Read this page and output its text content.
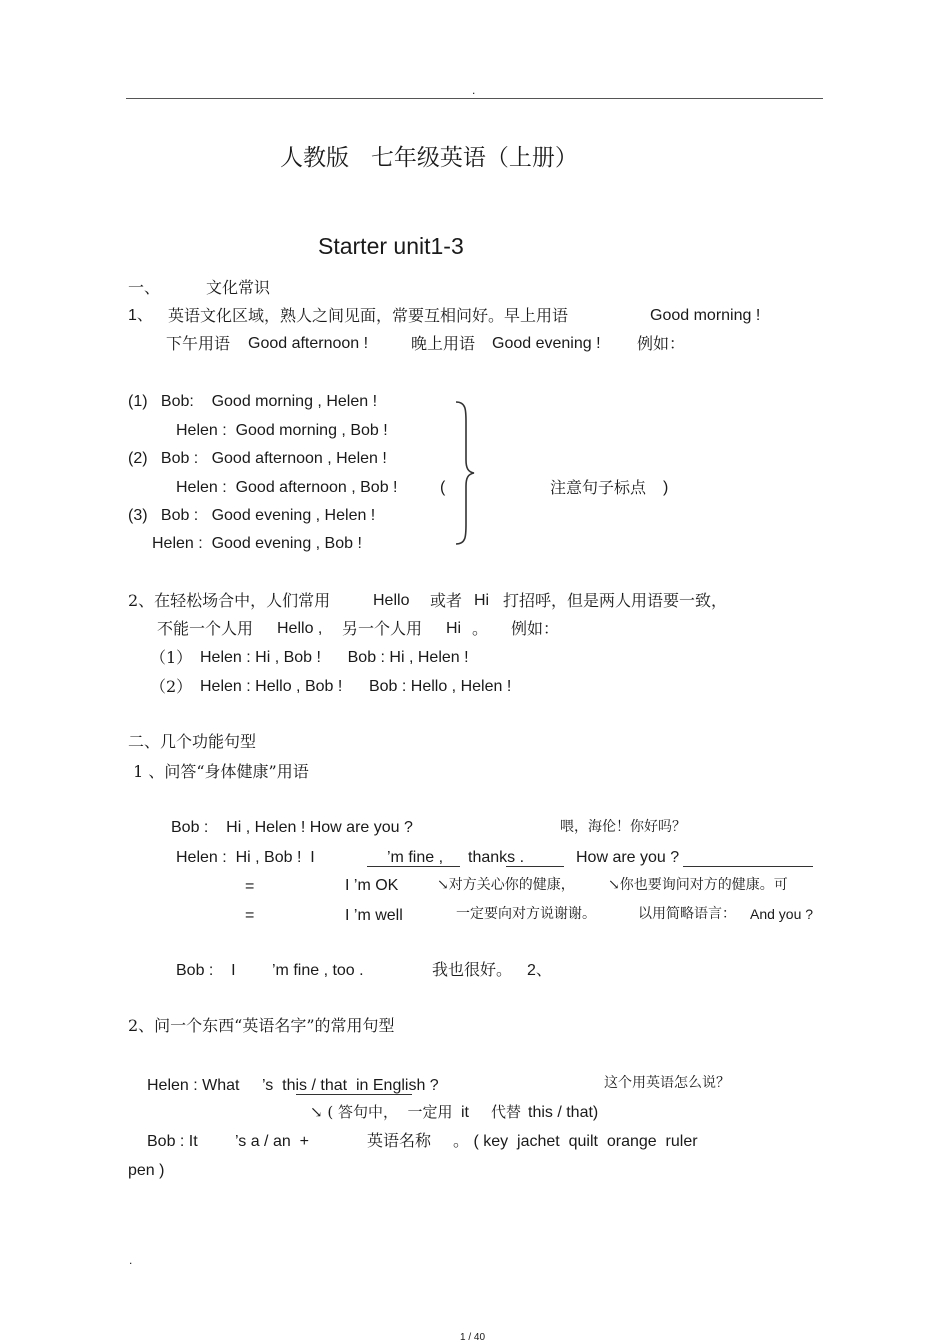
.
人教版   七年级英语（上册）
Starter unit1-3
一、	文化常识
1、 英语文化区域，熟人之间见面，常要互相问好。早上用语	Good morning !
下午用语 Good afternoon !	晚上用语 Good evening ! 例如：
(1)   Bob:    Good morning , Helen !
Helen :  Good morning , Bob !
(2)   Bob :   Good afternoon , Helen !
Helen :  Good afternoon , Bob !
(3)   Bob :   Good evening , Helen !
Helen :  Good evening , Bob !
(	注意句子标点 )
2、在轻松场合中，人们常用	Hello 或者 Hi 打招呼，但是两人用语要一致，
不能一个人用 Hello , 另一个人用 Hi 。 例如：
（1） Helen : Hi , Bob !      Bob : Hi , Helen !
（2） Helen : Hello , Bob !      Bob : Hello , Helen !
二、几个功能句型
1 、问答“身体健康”用语
Bob :    Hi , Helen ! How are you ?	喂，海伦！你好吗？
Helen :  Hi , Bob !  I	’m fine , thanks .	How are you ?
=	I ’m OK	↘对方关心你的健康， ↘你也要询问对方的健康。可
=	I ’m well	一定要向对方说谢谢。	以用简略语言： And you ?
Bob :    I ’m fine , too .	我也很好。 2、
2、问一个东西“英语名字”的常用句型
Helen : What ’s  this / that  in English ?	这个用英语怎么说？
↘ ( 答句中，  一定用 it 代替 this / that)
Bob : It ’s a / an  +	英语名称 。 ( key  jachet  quilt  orange  ruler
pen )
.
1 / 40
